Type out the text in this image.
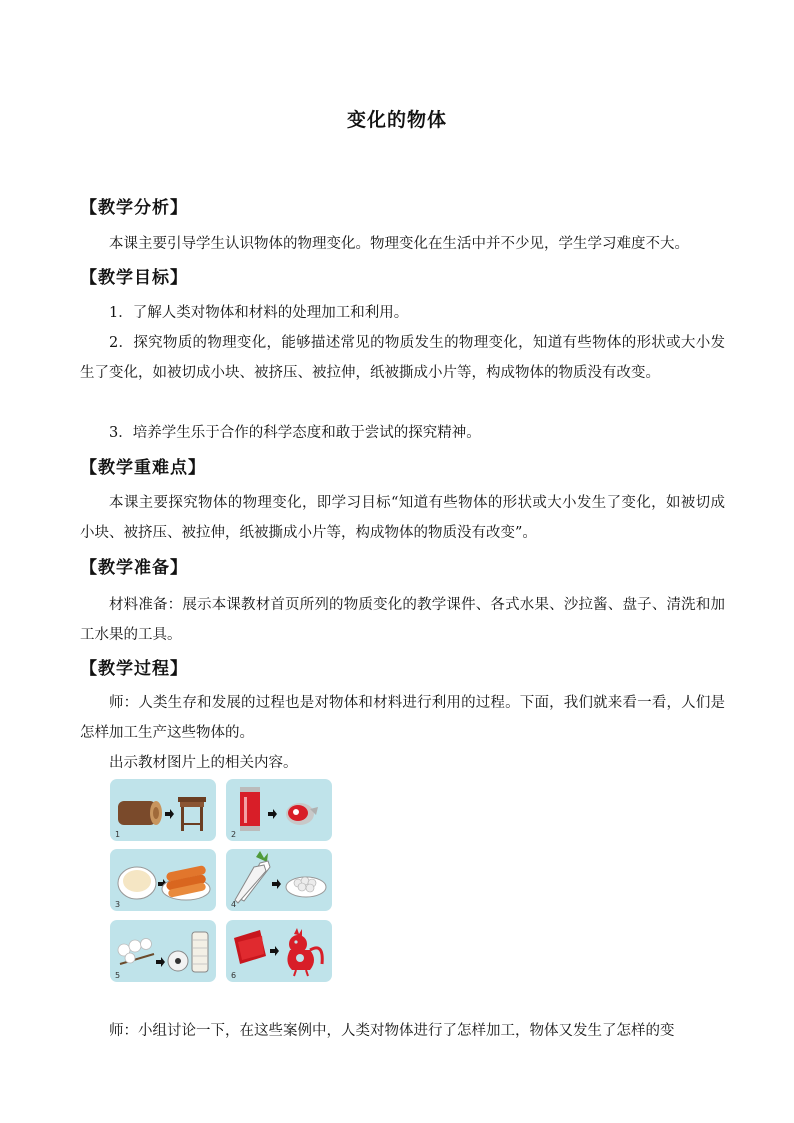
变化的物体
【教学分析】
本课主要引导学生认识物体的物理变化。物理变化在生活中并不少见，学生学习难度不大。
【教学目标】
1．了解人类对物体和材料的处理加工和利用。
2．探究物质的物理变化，能够描述常见的物质发生的物理变化，知道有些物体的形状或大小发生了变化，如被切成小块、被挤压、被拉伸，纸被撕成小片等，构成物体的物质没有改变。
3．培养学生乐于合作的科学态度和敢于尝试的探究精神。
【教学重难点】
本课主要探究物体的物理变化，即学习目标“知道有些物体的形状或大小发生了变化，如被切成小块、被挤压、被拉伸，纸被撕成小片等，构成物体的物质没有改变”。
【教学准备】
材料准备：展示本课教材首页所列的物质变化的教学课件、各式水果、沙拉酱、盘子、清洗和加工水果的工具。
【教学过程】
师：人类生存和发展的过程也是对物体和材料进行利用的过程。下面，我们就来看一看，人们是怎样加工生产这些物体的。
出示教材图片上的相关内容。
1	2
3	4
5	6
师：小组讨论一下，在这些案例中，人类对物体进行了怎样加工，物体又发生了怎样的变
